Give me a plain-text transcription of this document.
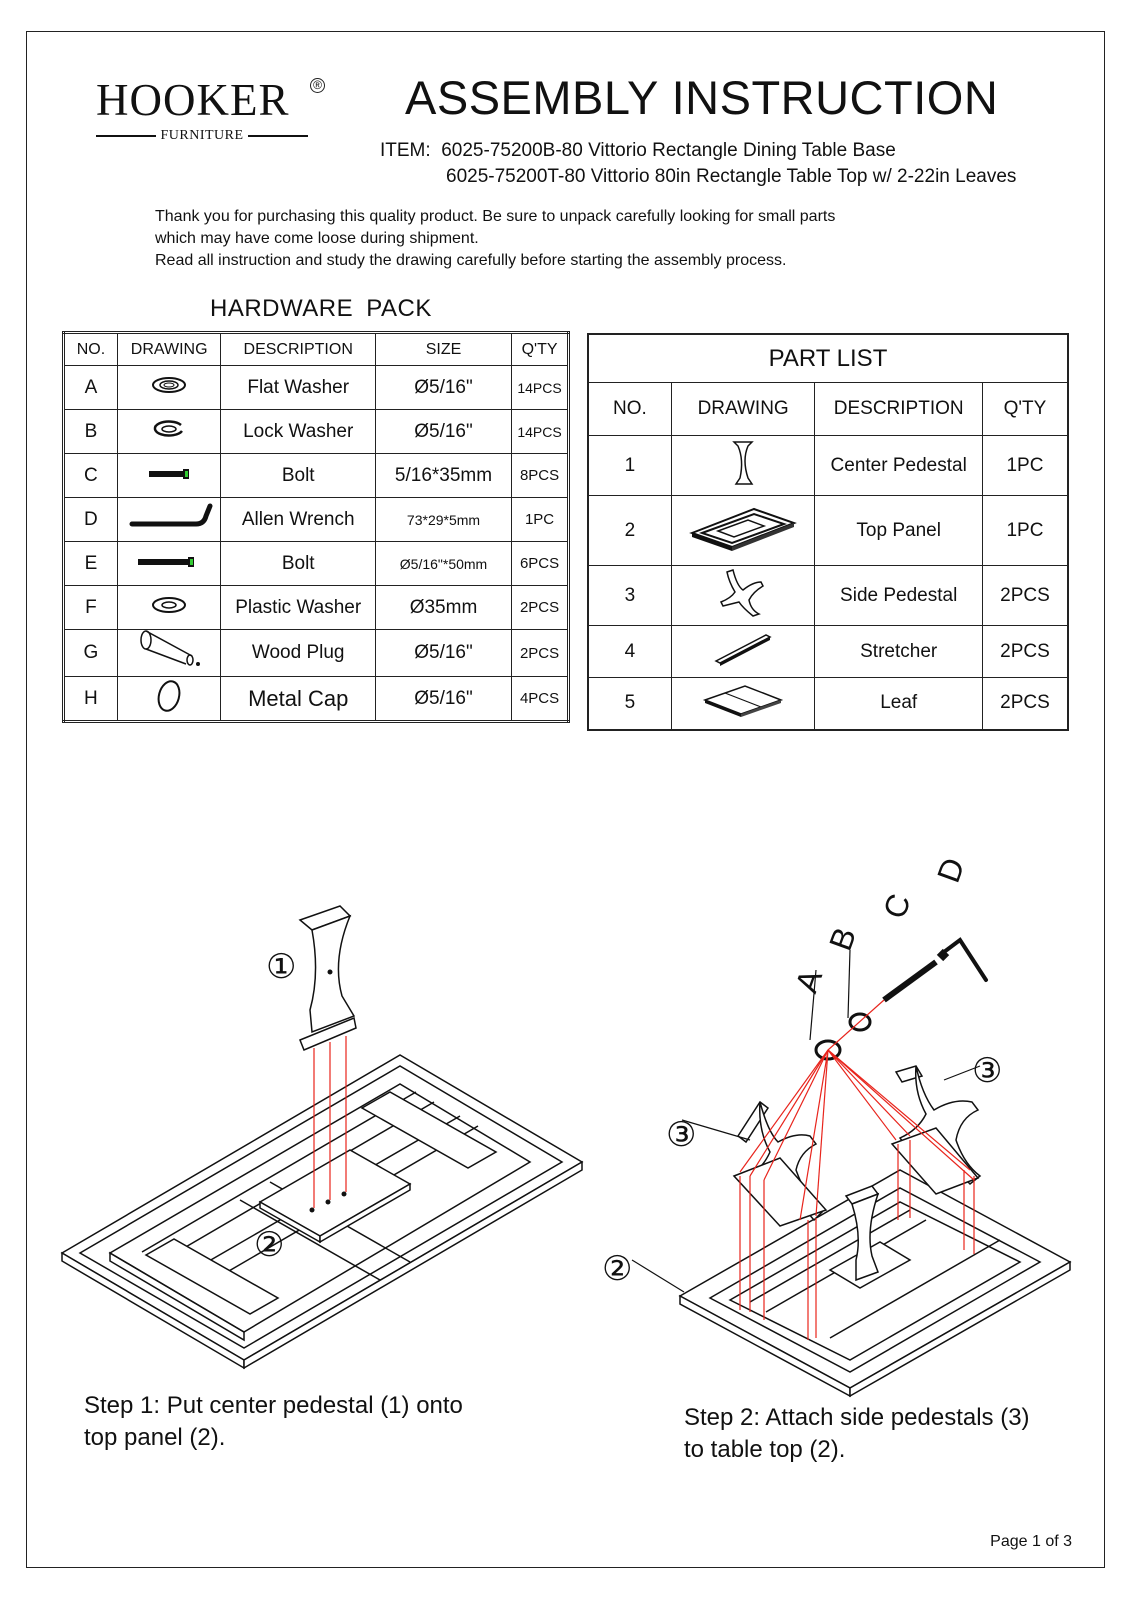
HOOKER ®
FURNITURE
ASSEMBLY INSTRUCTION
ITEM: 6025-75200B-80 Vittorio Rectangle Dining Table Base
6025-75200T-80 Vittorio 80in Rectangle Table Top w/ 2-22in Leaves
Thank you for purchasing this quality product. Be sure to unpack carefully looking for small parts
which may have come loose during shipment.
Read all instruction and study the drawing carefully before starting the assembly process.
HARDWARE PACK
NO.	DRAWING	DESCRIPTION	SIZE	Q'TY
A		Flat Washer	Ø5/16"	14PCS
B		Lock Washer	Ø5/16"	14PCS
C		Bolt	5/16*35mm	8PCS
D		Allen Wrench	73*29*5mm	1PC
E		Bolt	Ø5/16"*50mm	6PCS
F		Plastic Washer	Ø35mm	2PCS
G		Wood Plug	Ø5/16"	2PCS
H		Metal Cap	Ø5/16"	4PCS
PART LIST			
NO.	DRAWING	DESCRIPTION	Q'TY
1		Center Pedestal	1PC
2		Top Panel	1PC
3		Side Pedestal	2PCS
4		Stretcher	2PCS
5		Leaf	2PCS
①
②
③
③
②
A
B
C
D
Step 1: Put center pedestal (1) onto
top panel (2).
Step 2: Attach side pedestals (3)
to table top (2).
Page 1 of 3
